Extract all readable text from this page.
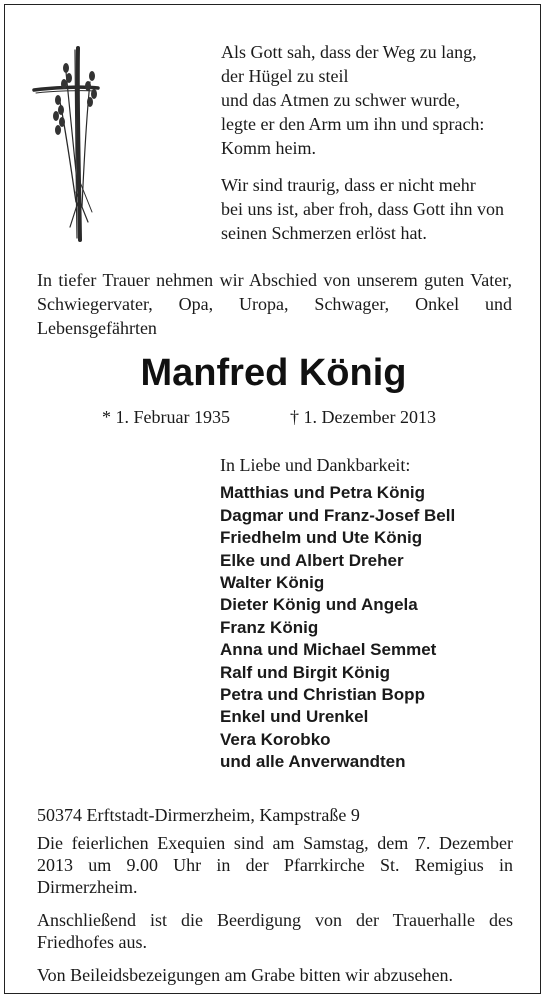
Als Gott sah, dass der Weg zu lang,
der Hügel zu steil
und das Atmen zu schwer wurde,
legte er den Arm um ihn und sprach:
Komm heim.

Wir sind traurig, dass er nicht mehr
bei uns ist, aber froh, dass Gott ihn von
seinen Schmerzen erlöst hat.

In tiefer Trauer nehmen wir Abschied von unserem guten Vater, Schwiegervater, Opa, Uropa, Schwager, Onkel und Lebensgefährten
Manfred König
* 1. Februar 1935	† 1. Dezember 2013
In Liebe und Dankbarkeit:
Matthias und Petra König
Dagmar und Franz-Josef Bell
Friedhelm und Ute König
Elke und Albert Dreher
Walter König
Dieter König und Angela
Franz König
Anna und Michael Semmet
Ralf und Birgit König
Petra und Christian Bopp
Enkel und Urenkel
Vera Korobko
und alle Anverwandten
50374 Erftstadt-Dirmerzheim, Kampstraße 9

Die feierlichen Exequien sind am Samstag, dem 7. Dezember 2013 um 9.00 Uhr in der Pfarrkirche St. Remigius in Dirmerzheim.

Anschließend ist die Beerdigung von der Trauerhalle des Friedhofes aus.

Von Beileidsbezeigungen am Grabe bitten wir abzusehen.
